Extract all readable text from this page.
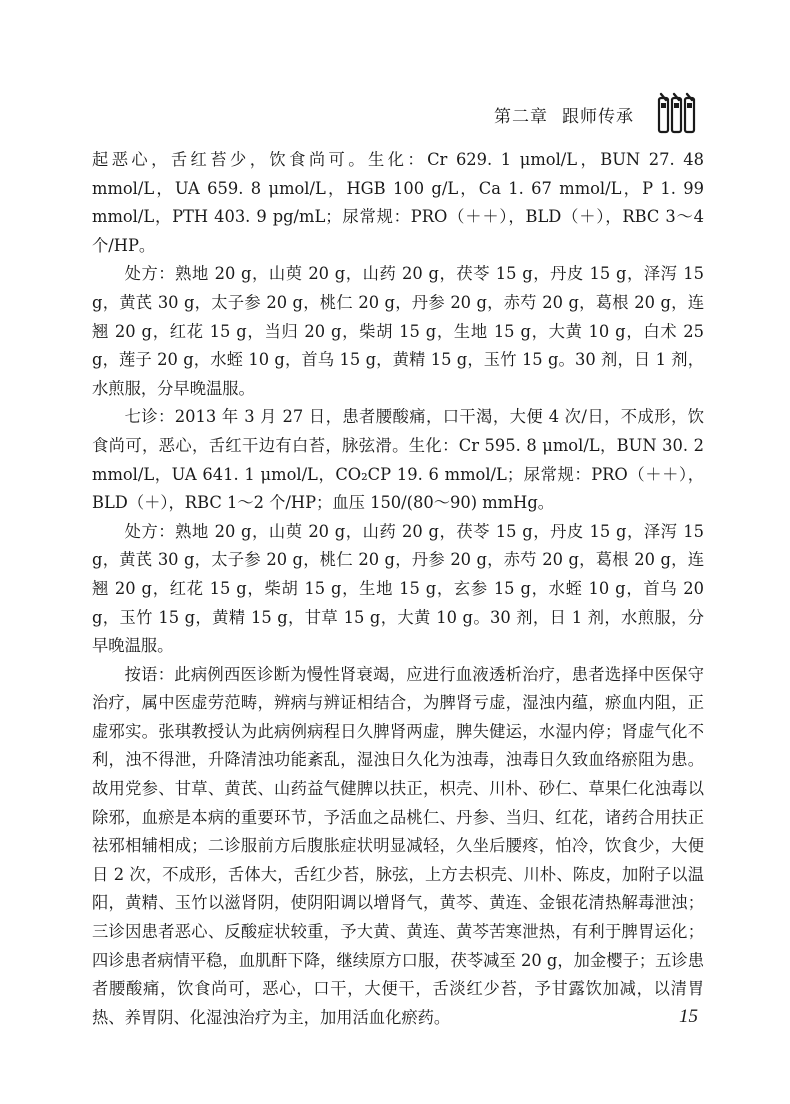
第二章 跟师传承

起恶心，舌红苔少，饮食尚可。生化：Cr 629. 1 μmol/L，BUN 27. 48 mmol/L，UA 659. 8 μmol/L，HGB 100 g/L，Ca 1. 67 mmol/L，P 1. 99 mmol/L，PTH 403. 9 pg/mL；尿常规：PRO（＋＋），BLD（＋），RBC 3～4 个/HP。

处方：熟地 20 g，山萸 20 g，山药 20 g，茯苓 15 g，丹皮 15 g，泽泻 15 g，黄芪 30 g，太子参 20 g，桃仁 20 g，丹参 20 g，赤芍 20 g，葛根 20 g，连翘 20 g，红花 15 g，当归 20 g，柴胡 15 g，生地 15 g，大黄 10 g，白术 25 g，莲子 20 g，水蛭 10 g，首乌 15 g，黄精 15 g，玉竹 15 g。30 剂，日 1 剂，水煎服，分早晚温服。

七诊：2013 年 3 月 27 日，患者腰酸痛，口干渴，大便 4 次/日，不成形，饮食尚可，恶心，舌红干边有白苔，脉弦滑。生化：Cr 595. 8 μmol/L，BUN 30. 2 mmol/L，UA 641. 1 μmol/L，CO₂CP 19. 6 mmol/L；尿常规：PRO（＋＋），BLD（＋），RBC 1～2 个/HP；血压 150/(80～90) mmHg。

处方：熟地 20 g，山萸 20 g，山药 20 g，茯苓 15 g，丹皮 15 g，泽泻 15 g，黄芪 30 g，太子参 20 g，桃仁 20 g，丹参 20 g，赤芍 20 g，葛根 20 g，连翘 20 g，红花 15 g，柴胡 15 g，生地 15 g，玄参 15 g，水蛭 10 g，首乌 20 g，玉竹 15 g，黄精 15 g，甘草 15 g，大黄 10 g。30 剂，日 1 剂，水煎服，分早晚温服。

按语：此病例西医诊断为慢性肾衰竭，应进行血液透析治疗，患者选择中医保守治疗，属中医虚劳范畴，辨病与辨证相结合，为脾肾亏虚，湿浊内蕴，瘀血内阻，正虚邪实。张琪教授认为此病例病程日久脾肾两虚，脾失健运，水湿内停；肾虚气化不利，浊不得泄，升降清浊功能紊乱，湿浊日久化为浊毒，浊毒日久致血络瘀阻为患。故用党参、甘草、黄芪、山药益气健脾以扶正，枳壳、川朴、砂仁、草果仁化浊毒以除邪，血瘀是本病的重要环节，予活血之品桃仁、丹参、当归、红花，诸药合用扶正祛邪相辅相成；二诊服前方后腹胀症状明显减轻，久坐后腰疼，怕冷，饮食少，大便日 2 次，不成形，舌体大，舌红少苔，脉弦，上方去枳壳、川朴、陈皮，加附子以温阳，黄精、玉竹以滋肾阴，使阴阳调以增肾气，黄芩、黄连、金银花清热解毒泄浊；三诊因患者恶心、反酸症状较重，予大黄、黄连、黄芩苦寒泄热，有利于脾胃运化；四诊患者病情平稳，血肌酐下降，继续原方口服，茯苓减至 20 g，加金樱子；五诊患者腰酸痛，饮食尚可，恶心，口干，大便干，舌淡红少苔，予甘露饮加减，以清胃热、养胃阴、化湿浊治疗为主，加用活血化瘀药。	15
